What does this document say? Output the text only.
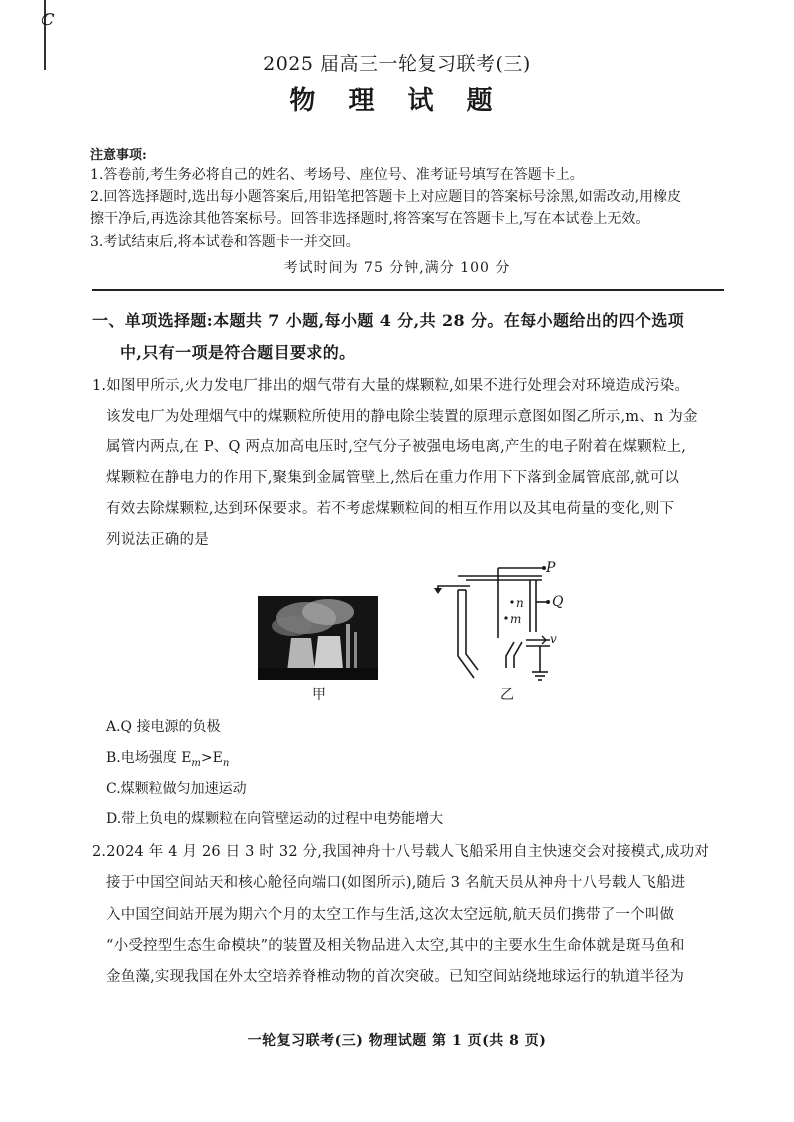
ℂ
2025 届高三一轮复习联考(三)
物 理 试 题
注意事项:
1.答卷前,考生务必将自己的姓名、考场号、座位号、准考证号填写在答题卡上。
2.回答选择题时,选出每小题答案后,用铅笔把答题卡上对应题目的答案标号涂黑,如需改动,用橡皮
擦干净后,再选涂其他答案标号。回答非选择题时,将答案写在答题卡上,写在本试卷上无效。
3.考试结束后,将本试卷和答题卡一并交回。
考试时间为 75 分钟,满分 100 分
一、单项选择题:本题共 7 小题,每小题 4 分,共 28 分。在每小题给出的四个选项
中,只有一项是符合题目要求的。
1.如图甲所示,火力发电厂排出的烟气带有大量的煤颗粒,如果不进行处理会对环境造成污染。
该发电厂为处理烟气中的煤颗粒所使用的静电除尘装置的原理示意图如图乙所示,m、n 为金
属管内两点,在 P、Q 两点加高电压时,空气分子被强电场电离,产生的电子附着在煤颗粒上,
煤颗粒在静电力的作用下,聚集到金属管壁上,然后在重力作用下下落到金属管底部,就可以
有效去除煤颗粒,达到环保要求。若不考虑煤颗粒间的相互作用以及其电荷量的变化,则下
列说法正确的是
甲
P
Q
n
m
v
乙
A.Q 接电源的负极
B.电场强度 $E_m>E_n$
C.煤颗粒做匀加速运动
D.带上负电的煤颗粒在向管壁运动的过程中电势能增大
2.2024 年 4 月 26 日 3 时 32 分,我国神舟十八号载人飞船采用自主快速交会对接模式,成功对
接于中国空间站天和核心舱径向端口(如图所示),随后 3 名航天员从神舟十八号载人飞船进
入中国空间站开展为期六个月的太空工作与生活,这次太空远航,航天员们携带了一个叫做
“小受控型生态生命模块”的装置及相关物品进入太空,其中的主要水生生命体就是斑马鱼和
金鱼藻,实现我国在外太空培养脊椎动物的首次突破。已知空间站绕地球运行的轨道半径为
一轮复习联考(三) 物理试题 第 1 页(共 8 页)
